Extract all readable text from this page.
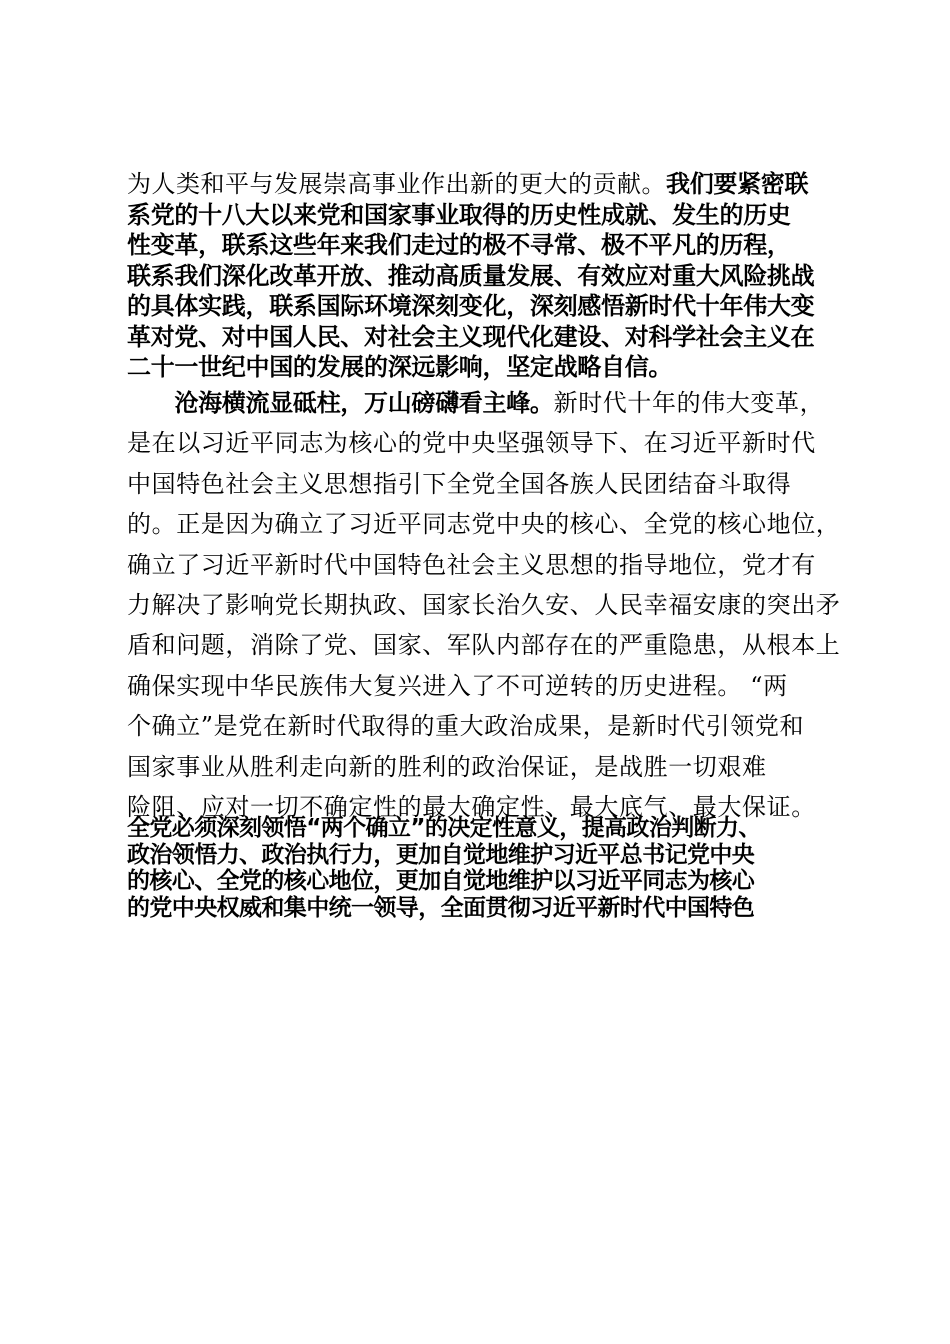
为人类和平与发展崇高事业作出新的更大的贡献。我们要紧密联
系党的十八大以来党和国家事业取得的历史性成就、发生的历史
性变革，联系这些年来我们走过的极不寻常、极不平凡的历程，
联系我们深化改革开放、推动高质量发展、有效应对重大风险挑战
的具体实践，联系国际环境深刻变化，深刻感悟新时代十年伟大变
革对党、对中国人民、对社会主义现代化建设、对科学社会主义在
二十一世纪中国的发展的深远影响，坚定战略自信。
　　沧海横流显砥柱，万山磅礴看主峰。新时代十年的伟大变革，
是在以习近平同志为核心的党中央坚强领导下、在习近平新时代
中国特色社会主义思想指引下全党全国各族人民团结奋斗取得
的。正是因为确立了习近平同志党中央的核心、全党的核心地位，
确立了习近平新时代中国特色社会主义思想的指导地位，党才有
力解决了影响党长期执政、国家长治久安、人民幸福安康的突出矛
盾和问题，消除了党、国家、军队内部存在的严重隐患，从根本上
确保实现中华民族伟大复兴进入了不可逆转的历史进程。 “两
个确立”是党在新时代取得的重大政治成果，是新时代引领党和
国家事业从胜利走向新的胜利的政治保证，是战胜一切艰难
险阻、应对一切不确定性的最大确定性、最大底气、最大保证。
全党必须深刻领悟“两个确立”的决定性意义，提高政治判断力、
政治领悟力、政治执行力，更加自觉地维护习近平总书记党中央
的核心、全党的核心地位，更加自觉地维护以习近平同志为核心
的党中央权威和集中统一领导，全面贯彻习近平新时代中国特色
